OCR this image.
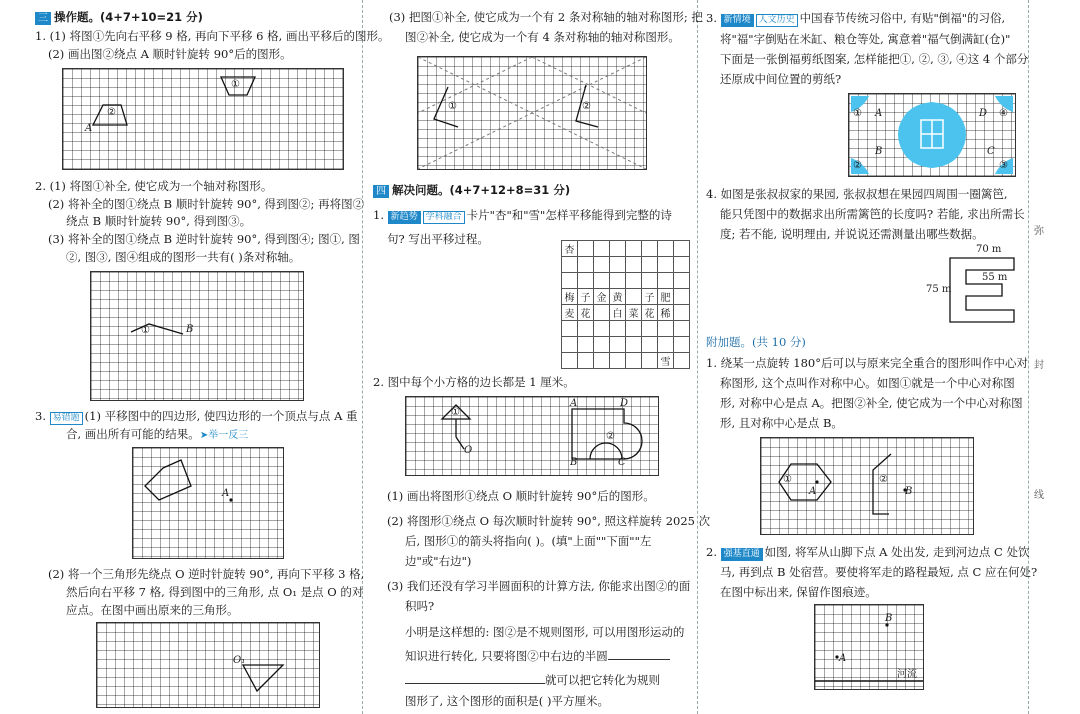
三 操作题。(4+7+10=21 分)
1. (1) 将图①先向右平移 9 格, 再向下平移 6 格, 画出平移后的图形。
(2) 画出图②绕点 A 顺时针旋转 90°后的图形。
②
①
A
2. (1) 将图①补全, 使它成为一个轴对称图形。
(2) 将补全的图①绕点 B 顺时针旋转 90°, 得到图②; 再将图②
绕点 B 顺时针旋转 90°, 得到图③。
(3) 将补全的图①绕点 B 逆时针旋转 90°, 得到图④; 图①, 图
②, 图③, 图④组成的图形一共有( )条对称轴。
①	B
3. 易错题 (1) 平移图中的四边形, 使四边形的一个顶点与点 A 重
合, 画出所有可能的结果。➤举一反三
A
(2) 将一个三角形先绕点 O 逆时针旋转 90°, 再向下平移 3 格,
然后向右平移 7 格, 得到图中的三角形, 点 O₁ 是点 O 的对
应点。在图中画出原来的三角形。
O₁
(3) 把图①补全, 使它成为一个有 2 条对称轴的轴对称图形; 把
图②补全, 使它成为一个有 4 条对称轴的轴对称图形。
①	②
四 解决问题。(4+7+12+8=31 分)
1. 新趋势 学科融合 卡片"杏"和"雪"怎样平移能得到完整的诗
句? 写出平移过程。
杏							

梅	子	金	黄		子	肥	
麦	花		白	菜	花	稀	

						雪	
2. 图中每个小方格的边长都是 1 厘米。
①
O
A	D
B	C
②
(1) 画出将图形①绕点 O 顺时针旋转 90°后的图形。
(2) 将图形①绕点 O 每次顺时针旋转 90°, 照这样旋转 2025 次
后, 图形①的箭头将指向( )。(填"上面""下面""左
边"或"右边")
(3) 我们还没有学习半圆面积的计算方法, 你能求出图②的面
积吗?
小明是这样想的: 图②是不规则图形, 可以用图形运动的
知识进行转化, 只要将图②中右边的半圆
就可以把它转化为规则
图形了, 这个图形的面积是( )平方厘米。
3. 新情境 人文历史 中国春节传统习俗中, 有贴"倒福"的习俗,
将"福"字倒贴在米缸、粮仓等处, 寓意着"福气倒满缸(仓)"
下面是一张倒福剪纸图案, 怎样能把①, ②, ③, ④这 4 个部分
还原成中间位置的剪纸?
①	④
②	③
A	D
B	C
4. 如图是张叔叔家的果园, 张叔叔想在果园四周围一圈篱笆,
能只凭图中的数据求出所需篱笆的长度吗? 若能, 求出所需长
度; 若不能, 说明理由, 并说说还需测量出哪些数据。
70 m
55 m
75 m
附加题。(共 10 分)
1. 绕某一点旋转 180°后可以与原来完全重合的图形叫作中心对
称图形, 这个点叫作对称中心。如图①就是一个中心对称图
形, 对称中心是点 A。把图②补全, 使它成为一个中心对称图
形, 且对称中心是点 B。
①
A
②
B
2. 强基直通 如图, 将军从山脚下点 A 处出发, 走到河边点 C 处饮
马, 再到点 B 处宿营。要使将军走的路程最短, 点 C 应在何处?
在图中标出来, 保留作图痕迹。
B
A
河流
弥
封
线
